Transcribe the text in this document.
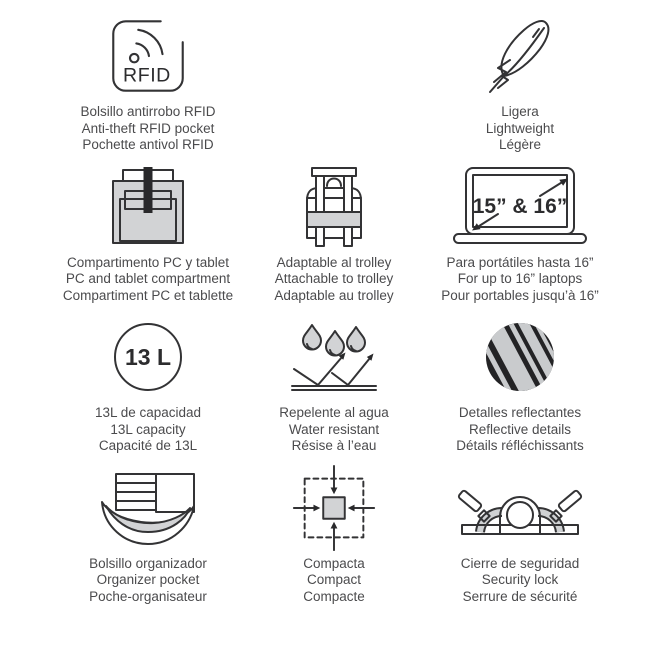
RFID
Bolsillo antirrobo RFID
Anti-theft RFID pocket
Pochette antivol RFID
Ligera
Lightweight
Légère
Compartimento PC y tablet
PC and tablet compartment
Compartiment PC et tablette
Adaptable al trolley
Attachable to trolley
Adaptable au trolley
15” & 16”
Para portátiles hasta 16”
For up to 16” laptops
Pour portables jusqu’à 16”
13 L
13L de capacidad
13L capacity
Capacité de 13L
Repelente al agua
Water resistant
Résise à l’eau
Detalles reflectantes
Reflective details
Détails réfléchissants
Bolsillo organizador
Organizer pocket
Poche-organisateur
Compacta
Compact
Compacte
Cierre de seguridad
Security lock
Serrure de sécurité
